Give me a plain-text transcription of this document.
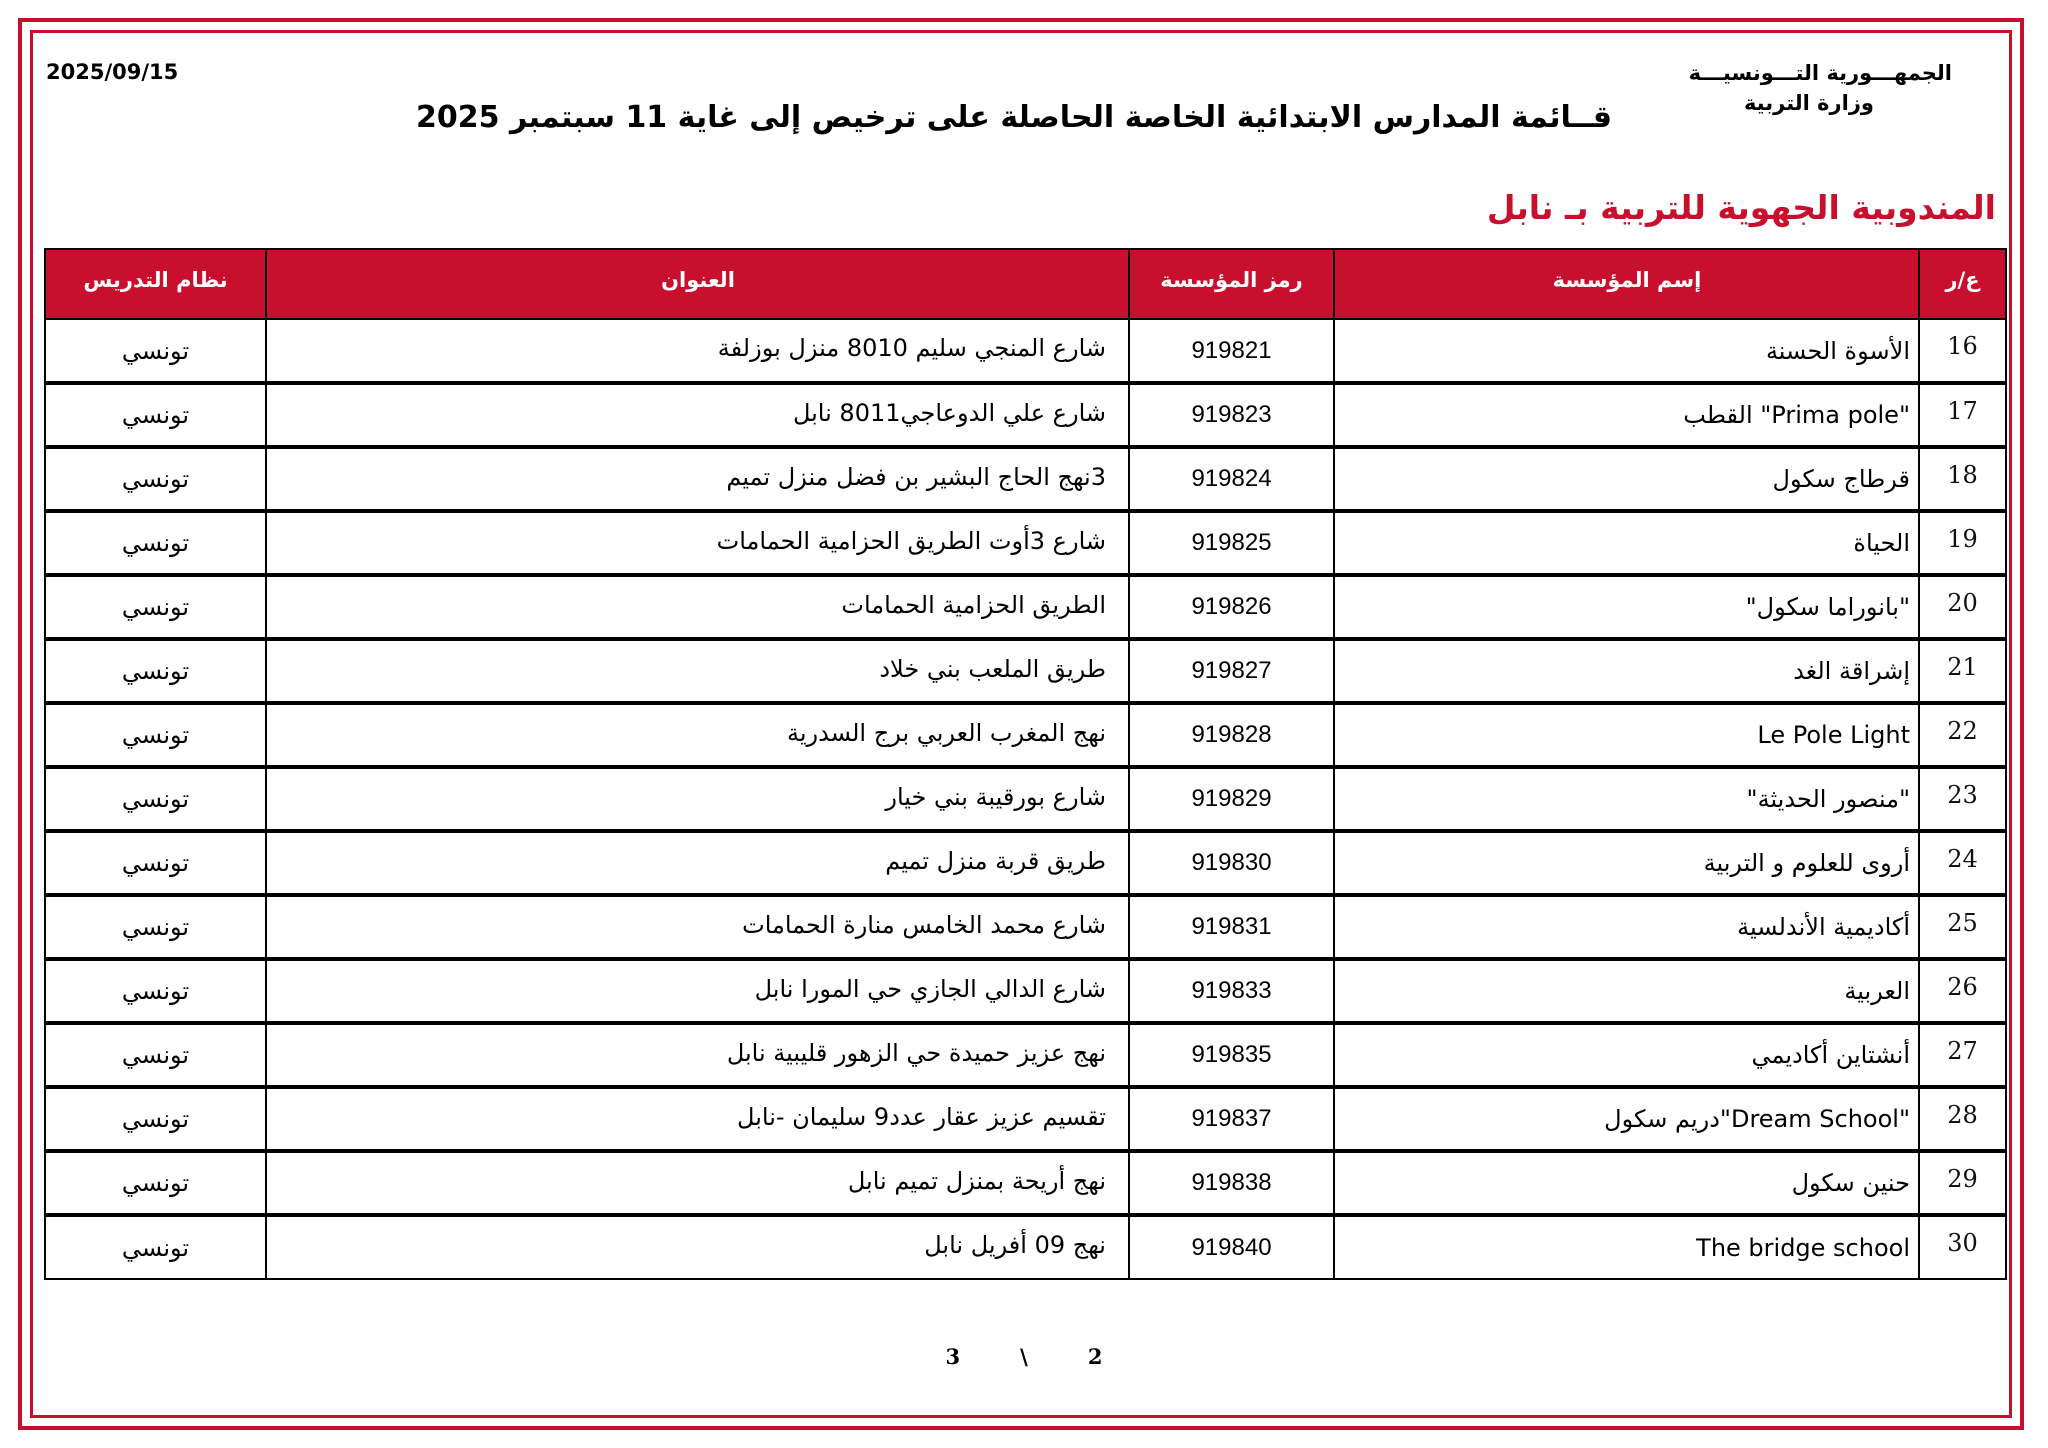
الجمهـــورية التـــونسيـــة
وزارة التربية
2025/09/15
قــائمة المدارس الابتدائية الخاصة الحاصلة على ترخيص إلى غاية 11 سبتمبر 2025
المندوبية الجهوية للتربية بـ نابل
ع/ر	إسم المؤسسة	رمز المؤسسة	العنوان	نظام التدريس
16	الأسوة الحسنة	919821	شارع المنجي سليم 8010 منزل بوزلفة	تونسي
17	"Prima pole" القطب	919823	شارع علي الدوعاجي8011 نابل	تونسي
18	قرطاج سكول	919824	3نهج الحاج البشير بن فضل منزل تميم	تونسي
19	الحياة	919825	شارع 3أوت الطريق الحزامية الحمامات	تونسي
20	"بانوراما سكول"	919826	الطريق الحزامية الحمامات	تونسي
21	إشراقة الغد	919827	طريق الملعب بني خلاد	تونسي
22	Le Pole Light	919828	نهج المغرب العربي برج السدرية	تونسي
23	"منصور الحديثة"	919829	شارع بورقيبة بني خيار	تونسي
24	أروى للعلوم و التربية	919830	طريق قربة منزل تميم	تونسي
25	أكاديمية الأندلسية	919831	شارع محمد الخامس منارة الحمامات	تونسي
26	العربية	919833	شارع الدالي الجازي حي المورا نابل	تونسي
27	أنشتاين أكاديمي	919835	نهج عزيز حميدة حي الزهور قليبية نابل	تونسي
28	"Dream School"دريم سكول	919837	تقسيم عزيز عقار عدد9 سليمان -نابل	تونسي
29	حنين سكول	919838	نهج أريحة بمنزل تميم نابل	تونسي
30	The bridge school	919840	نهج 09 أفريل نابل	تونسي
2\3
